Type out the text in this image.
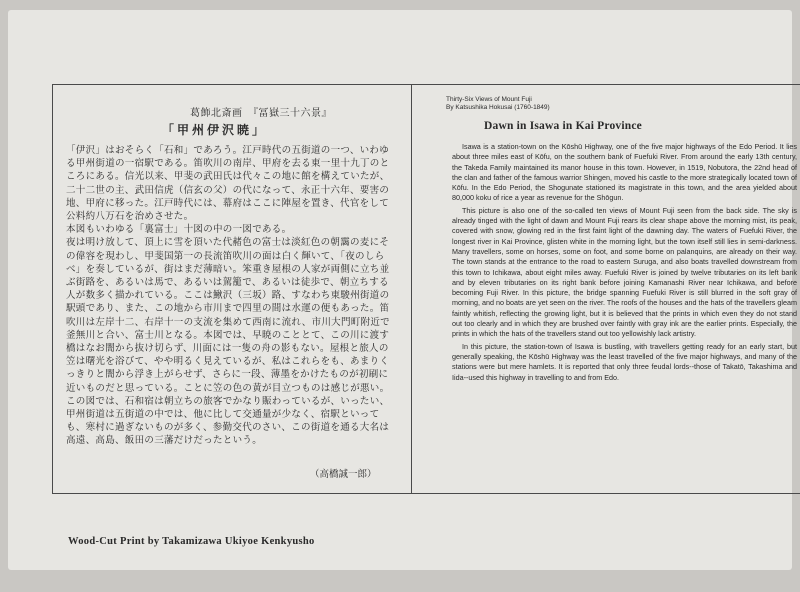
葛飾北斎画　『冨嶽三十六景』
「甲州伊沢暁」

「伊沢」はおそらく「石和」であろう。江戸時代の五街道の一つ、いわゆる甲州街道の一宿駅である。笛吹川の南岸、甲府を去る東一里十九丁のところにある。信光以来、甲斐の武田氏は代々この地に館を構えていたが、二十二世の主、武田信虎（信玄の父）の代になって、永正十六年、要害の地、甲府に移った。江戸時代には、幕府はここに陣屋を置き、代官をして公料約八万石を治めさせた。

本図もいわゆる「裏富士」十図の中の一図である。

夜は明け放して、頂上に雪を頂いた代赭色の富士は淡紅色の朝靄の麦にその偉容を現わし、甲斐国第一の長流笛吹川の面は白く輝いて、「夜のしらべ」を奏しているが、街はまだ薄暗い。笨重き屋根の人家が両側に立ち並ぶ街路を、あるいは馬で、あるいは駕籠で、あるいは徒歩で、朝立ちする人が数多く描かれている。ここは鰍沢（三坂）路、すなわち東駿州街道の駅頭であり、また、この地から市川まで四里の間は水運の便もあった。笛吹川は左岸十二、右岸十一の支流を集めて西南に流れ、市川大門町附近で釜無川と合い、富士川となる。本図では、早暁のこととて、この川に渡す橋はなお闇から抜け切らず、川面には一隻の舟の影もない。屋根と旅人の笠は曙光を浴びて、やや明るく見えているが、私はこれらをも、あまりくっきりと闇から浮き上がらせず、さらに一段、薄墨をかけたものが初刷に近いものだと思っている。ことに笠の色の黄が目立つものは感じが悪い。

この図では、石和宿は朝立ちの旅客でかなり賑わっているが、いったい、甲州街道は五街道の中では、他に比して交通量が少なく、宿駅といっても、寒村に過ぎないものが多く、参勤交代のさい、この街道を通る大名は高遠、高島、飯田の三藩だけだったという。

（高橋誠一郎）
Thirty-Six Views of Mount Fuji
By Katsushika Hokusai (1760-1849)
Dawn in Isawa in Kai Province

Isawa is a station-town on the Kōshū Highway, one of the five major highways of the Edo Period. It lies about three miles east of Kōfu, on the southern bank of Fuefuki River. From around the early 13th century, the Takeda Family maintained its manor house in this town. However, in 1519, Nobutora, the 22nd head of the clan and father of the famous warrior Shingen, moved his castle to the more strategically located town of Kōfu. In the Edo Period, the Shogunate stationed its magistrate in this town, and the area yielded about 80,000 koku of rice a year as revenue for the Shōgun.

This picture is also one of the so-called ten views of Mount Fuji seen from the back side. The sky is already tinged with the light of dawn and Mount Fuji rears its clear shape above the morning mist, its peak, covered with snow, glowing red in the first faint light of the dawning day. The waters of Fuefuki River, the longest river in Kai Province, glisten white in the morning light, but the town itself still lies in semi-darkness. Many travellers, some on horses, some on foot, and some borne on palanquins, are already on their way. The town stands at the entrance to the road to eastern Suruga, and also boats travelled downstream from this town to Ichikawa, about eight miles away. Fuefuki River is joined by twelve tributaries on its left bank and by eleven tributaries on its right bank before joining Kamanashi River near Ichikawa, and before becoming Fuji River. In this picture, the bridge spanning Fuefuki River is still blurred in the soft gray of morning, and no boats are yet seen on the river. The roofs of the houses and the hats of the travellers gleam faintly whitish, reflecting the growing light, but it is believed that the prints in which even they do not stand out too clearly and in which they are brushed over faintly with gray ink are the earlier prints. Especially, the prints in which the hats of the travellers stand out too yellowishly lack artistry.

In this picture, the station-town of Isawa is bustling, with travellers getting ready for an early start, but generally speaking, the Kōshū Highway was the least travelled of the five major highways, and many of the stations were but mere hamlets. It is reported that only three feudal lords--those of Takatō, Takashima and Iida--used this highway in travelling to and from Edo.

Wood-Cut Print by Takamizawa Ukiyoe Kenkyusho
